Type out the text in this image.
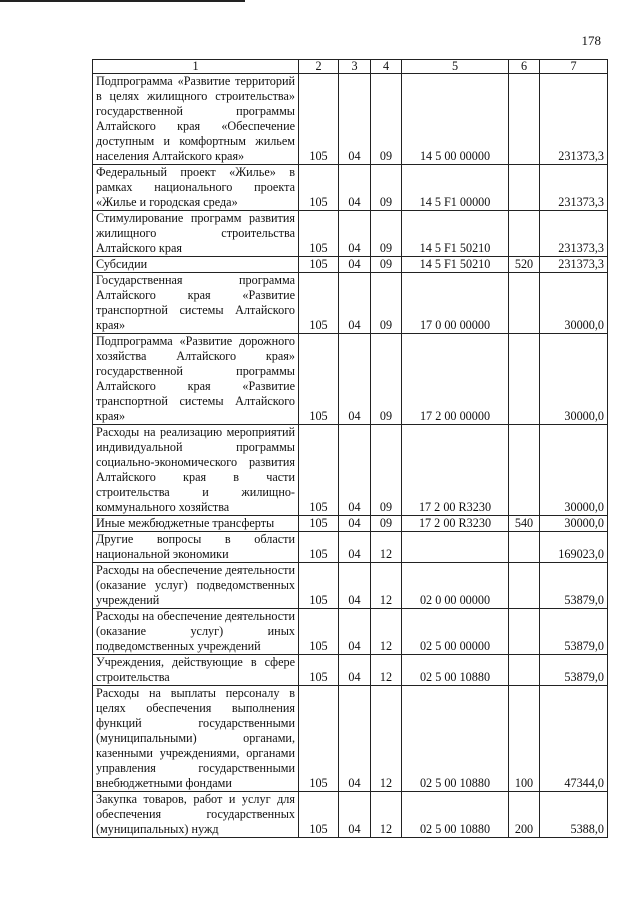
178
1	2	3	4	5	6	7
Подпрограмма «Развитие территорий в целях жилищного строительства» государственной программы Алтайского края «Обеспечение доступным и комфортным жильем населения Алтайского края»	105	04	09	14 5 00 00000		231373,3
Федеральный проект «Жилье» в рамках национального проекта «Жилье и городская среда»	105	04	09	14 5 F1 00000		231373,3
Стимулирование программ развития жилищного строительства Алтайского края	105	04	09	14 5 F1 50210		231373,3
Субсидии	105	04	09	14 5 F1 50210	520	231373,3
Государственная программа Алтайского края «Развитие транспортной системы Алтайского края»	105	04	09	17 0 00 00000		30000,0
Подпрограмма «Развитие дорожного хозяйства Алтайского края» государственной программы Алтайского края «Развитие транспортной системы Алтайского края»	105	04	09	17 2 00 00000		30000,0
Расходы на реализацию мероприятий индивидуальной программы социально-экономического развития Алтайского края в части строительства и жилищно-коммунального хозяйства	105	04	09	17 2 00 R3230		30000,0
Иные межбюджетные трансферты	105	04	09	17 2 00 R3230	540	30000,0
Другие вопросы в области национальной экономики	105	04	12			169023,0
Расходы на обеспечение деятельности (оказание услуг) подведомственных учреждений	105	04	12	02 0 00 00000		53879,0
Расходы на обеспечение деятельности (оказание услуг) иных подведомственных учреждений	105	04	12	02 5 00 00000		53879,0
Учреждения, действующие в сфере строительства	105	04	12	02 5 00 10880		53879,0
Расходы на выплаты персоналу в целях обеспечения выполнения функций государственными (муниципальными) органами, казенными учреждениями, органами управления государственными внебюджетными фондами	105	04	12	02 5 00 10880	100	47344,0
Закупка товаров, работ и услуг для обеспечения государственных (муниципальных) нужд	105	04	12	02 5 00 10880	200	5388,0
